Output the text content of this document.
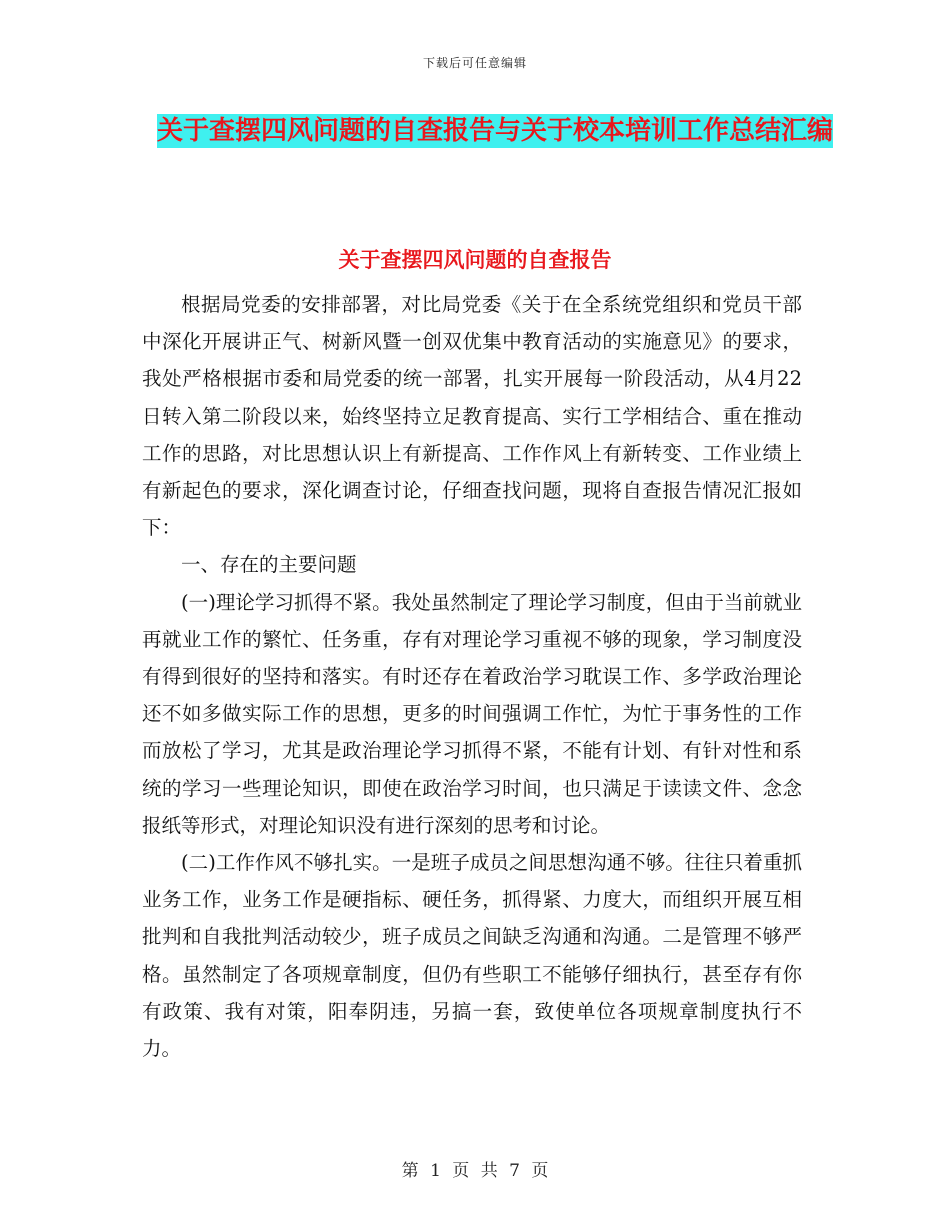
下载后可任意编辑
关于查摆四风问题的自查报告与关于校本培训工作总结汇编
关于查摆四风问题的自查报告

根据局党委的安排部署，对比局党委《关于在全系统党组织和党员干部中深化开展讲正气、树新风暨一创双优集中教育活动的实施意见》的要求，我处严格根据市委和局党委的统一部署，扎实开展每一阶段活动，从4月22日转入第二阶段以来，始终坚持立足教育提高、实行工学相结合、重在推动工作的思路，对比思想认识上有新提高、工作作风上有新转变、工作业绩上有新起色的要求，深化调查讨论，仔细查找问题，现将自查报告情况汇报如下：

一、存在的主要问题

(一)理论学习抓得不紧。我处虽然制定了理论学习制度，但由于当前就业再就业工作的繁忙、任务重，存有对理论学习重视不够的现象，学习制度没有得到很好的坚持和落实。有时还存在着政治学习耽误工作、多学政治理论还不如多做实际工作的思想，更多的时间强调工作忙，为忙于事务性的工作而放松了学习，尤其是政治理论学习抓得不紧，不能有计划、有针对性和系统的学习一些理论知识，即使在政治学习时间，也只满足于读读文件、念念报纸等形式，对理论知识没有进行深刻的思考和讨论。

(二)工作作风不够扎实。一是班子成员之间思想沟通不够。往往只着重抓业务工作，业务工作是硬指标、硬任务，抓得紧、力度大，而组织开展互相批判和自我批判活动较少，班子成员之间缺乏沟通和沟通。二是管理不够严格。虽然制定了各项规章制度，但仍有些职工不能够仔细执行，甚至存有你有政策、我有对策，阳奉阴违，另搞一套，致使单位各项规章制度执行不力。

第 1 页 共 7 页
